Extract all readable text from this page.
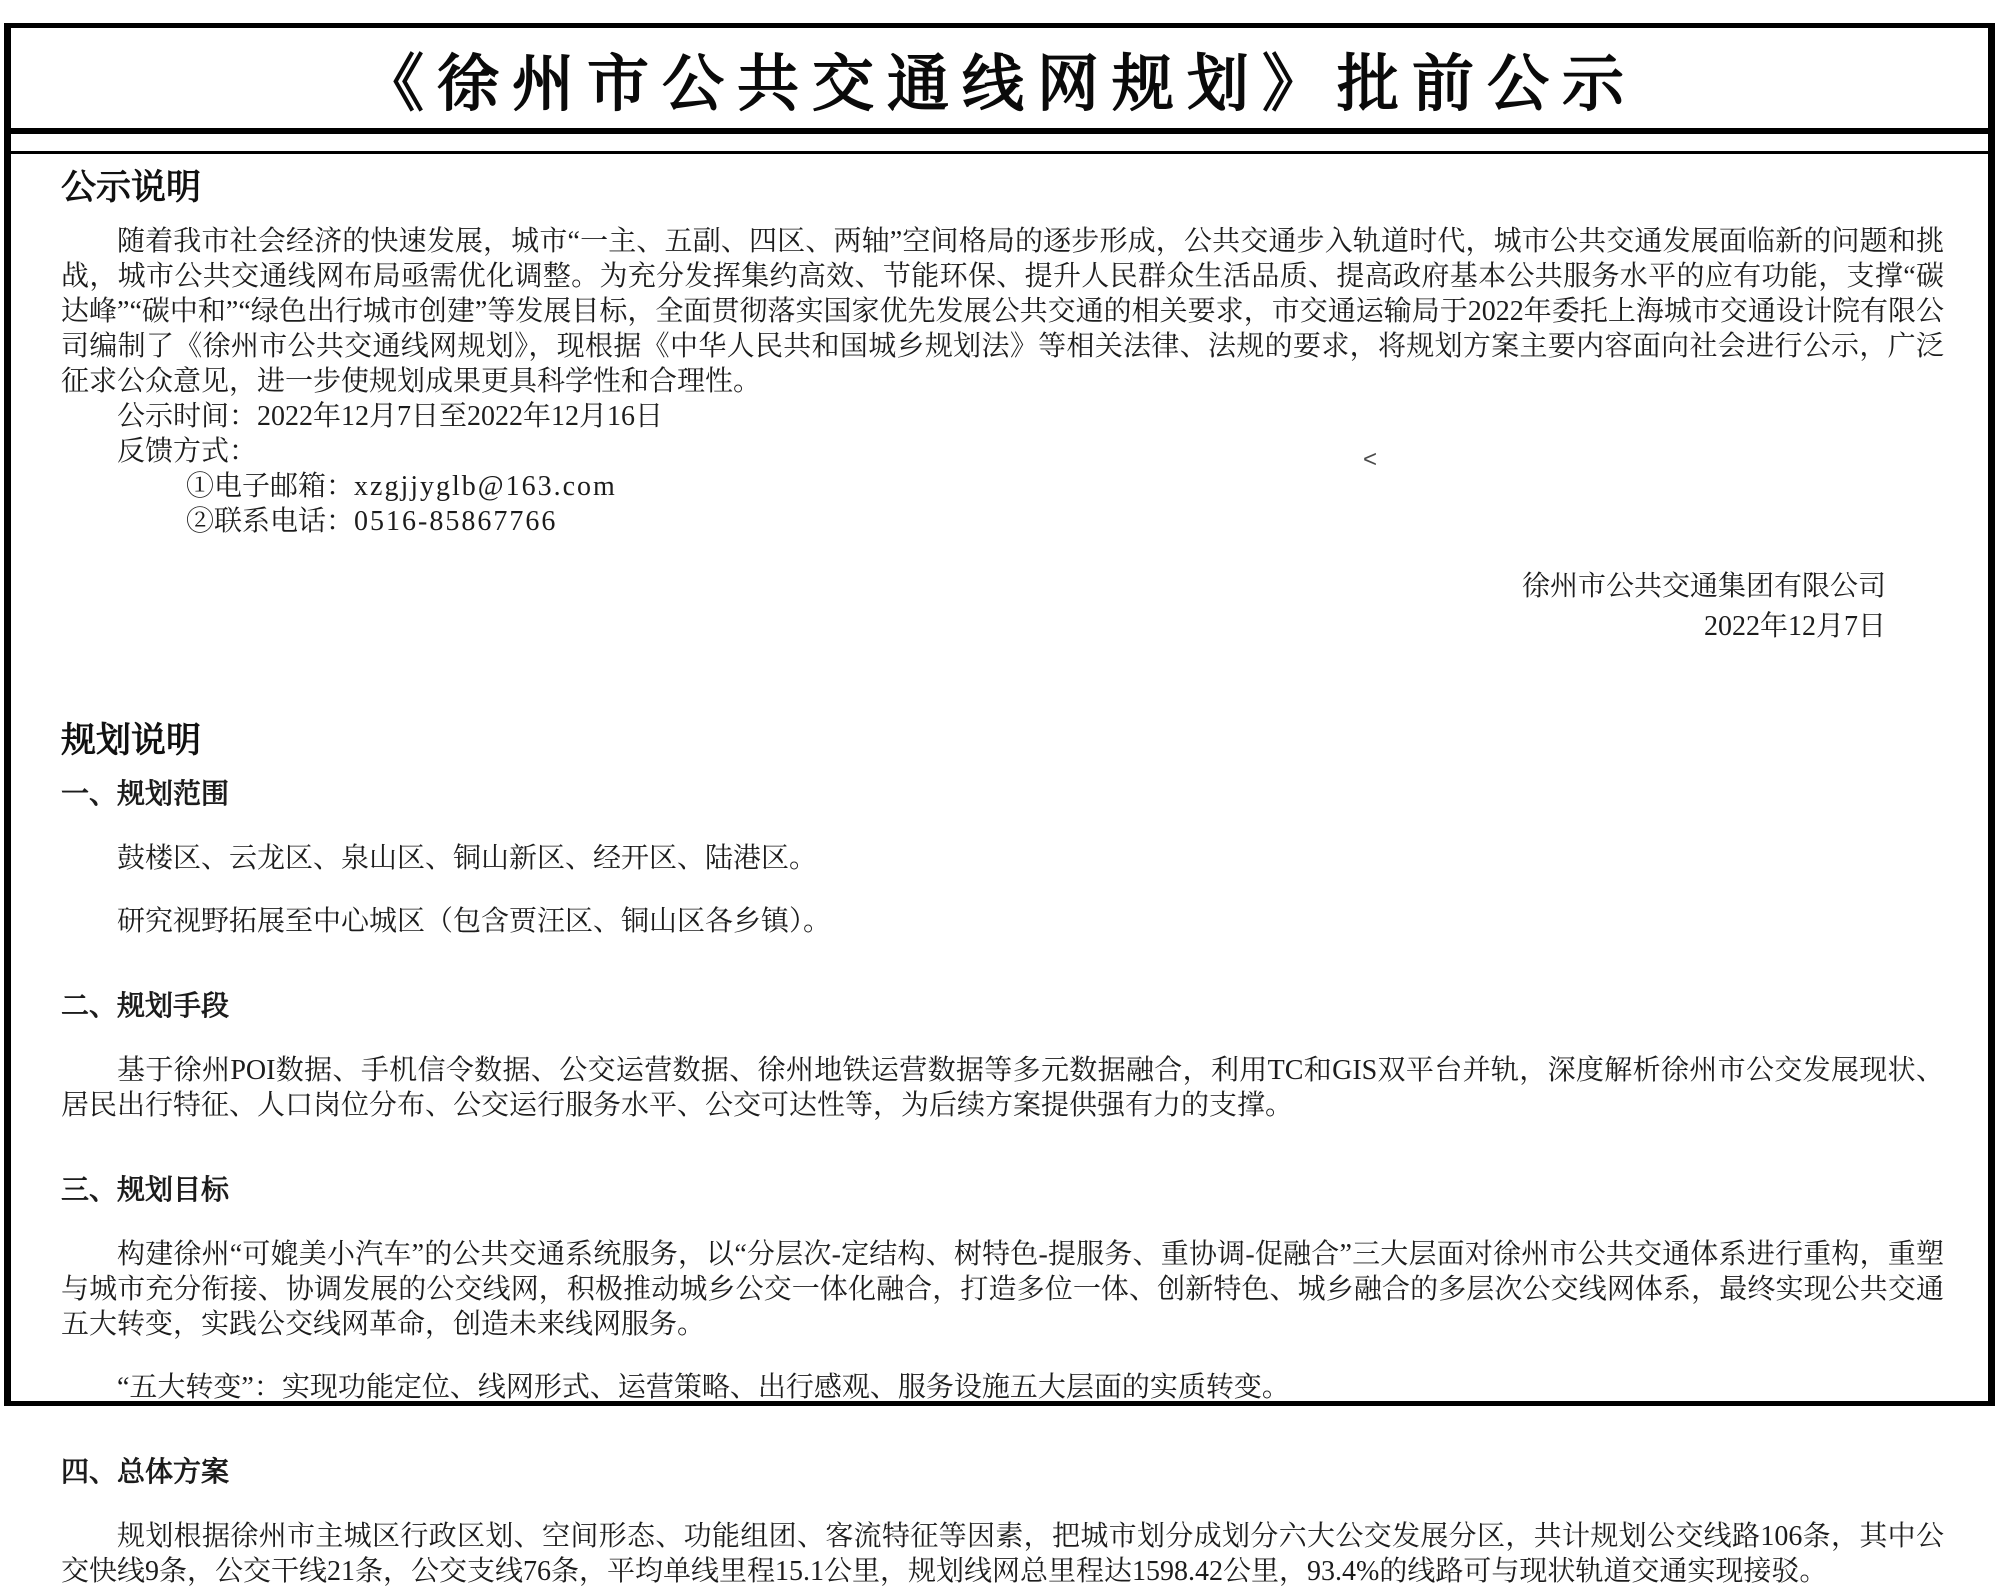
<
《徐州市公共交通线网规划》批前公示
公示说明

随着我市社会经济的快速发展，城市“一主、五副、四区、两轴”空间格局的逐步形成，公共交通步入轨道时代，城市公共交通发展面临新的问题和挑战，城市公共交通线网布局亟需优化调整。为充分发挥集约高效、节能环保、提升人民群众生活品质、提高政府基本公共服务水平的应有功能，支撑“碳达峰”“碳中和”“绿色出行城市创建”等发展目标，全面贯彻落实国家优先发展公共交通的相关要求，市交通运输局于2022年委托上海城市交通设计院有限公司编制了《徐州市公共交通线网规划》，现根据《中华人民共和国城乡规划法》等相关法律、法规的要求，将规划方案主要内容面向社会进行公示，广泛征求公众意见，进一步使规划成果更具科学性和合理性。

公示时间：2022年12月7日至2022年12月16日

反馈方式：

①电子邮箱：xzgjjyglb@163.com

②联系电话：0516-85867766

徐州市公共交通集团有限公司

2022年12月7日

规划说明
一、规划范围

鼓楼区、云龙区、泉山区、铜山新区、经开区、陆港区。

研究视野拓展至中心城区（包含贾汪区、铜山区各乡镇）。

二、规划手段

基于徐州POI数据、手机信令数据、公交运营数据、徐州地铁运营数据等多元数据融合，利用TC和GIS双平台并轨，深度解析徐州市公交发展现状、居民出行特征、人口岗位分布、公交运行服务水平、公交可达性等，为后续方案提供强有力的支撑。

三、规划目标

构建徐州“可媲美小汽车”的公共交通系统服务，以“分层次-定结构、树特色-提服务、重协调-促融合”三大层面对徐州市公共交通体系进行重构，重塑与城市充分衔接、协调发展的公交线网，积极推动城乡公交一体化融合，打造多位一体、创新特色、城乡融合的多层次公交线网体系，最终实现公共交通五大转变，实践公交线网革命，创造未来线网服务。

“五大转变”：实现功能定位、线网形式、运营策略、出行感观、服务设施五大层面的实质转变。

四、总体方案

规划根据徐州市主城区行政区划、空间形态、功能组团、客流特征等因素，把城市划分成划分六大公交发展分区，共计规划公交线路106条，其中公交快线9条，公交干线21条，公交支线76条，平均单线里程15.1公里，规划线网总里程达1598.42公里，93.4%的线路可与现状轨道交通实现接驳。
